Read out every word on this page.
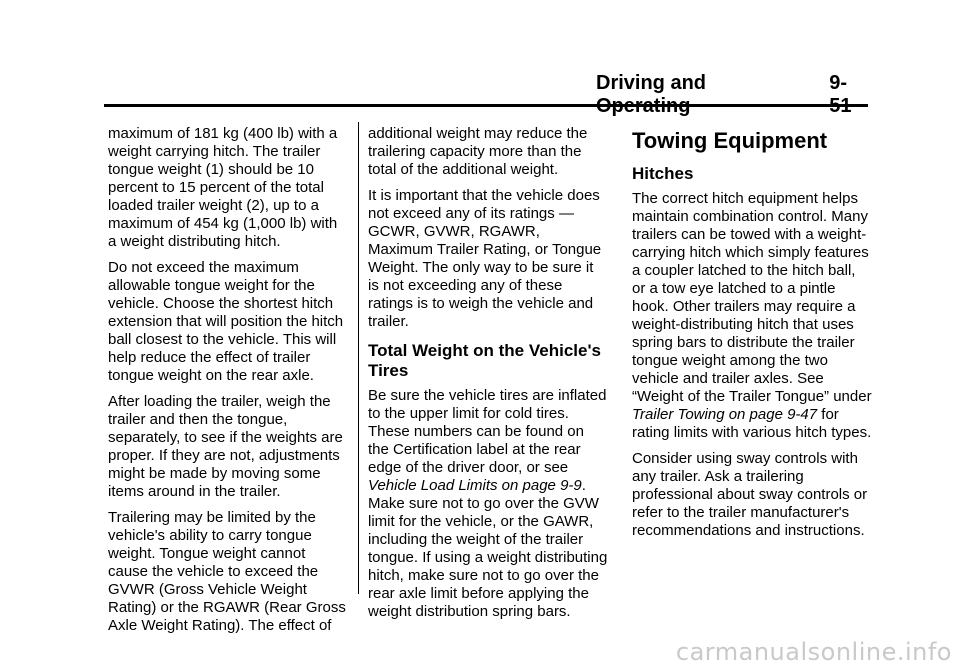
Driving and	9-

maximum of 181 kg (400 lb) with a weight carrying hitch. The trailer tongue weight (1) should be 10 percent to 15 percent of the total loaded trailer weight (2), up to a maximum of 454 kg (1,000 lb) with a weight distributing hitch.

Do not exceed the maximum allowable tongue weight for the vehicle. Choose the shortest hitch extension that will position the hitch ball closest to the vehicle. This will help reduce the effect of trailer tongue weight on the rear axle.

After loading the trailer, weigh the trailer and then the tongue, separately, to see if the weights are proper. If they are not, adjustments might be made by moving some items around in the trailer.

Trailering may be limited by the vehicle's ability to carry tongue weight. Tongue weight cannot cause the vehicle to exceed the GVWR (Gross Vehicle Weight Rating) or the RGAWR (Rear Gross Axle Weight Rating). The effect of

additional weight may reduce the trailering capacity more than the total of the additional weight.

It is important that the vehicle does not exceed any of its ratings — GCWR, GVWR, RGAWR, Maximum Trailer Rating, or Tongue Weight. The only way to be sure it is not exceeding any of these ratings is to weigh the vehicle and trailer.

Total Weight on the Vehicle's Tires

Be sure the vehicle tires are inflated to the upper limit for cold tires. These numbers can be found on the Certification label at the rear edge of the driver door, or see Vehicle Load Limits on page 9-9. Make sure not to go over the GVW limit for the vehicle, or the GAWR, including the weight of the trailer tongue. If using a weight distributing hitch, make sure not to go over the rear axle limit before applying the weight distribution spring bars.

Towing Equipment
Hitches

The correct hitch equipment helps maintain combination control. Many trailers can be towed with a weight-carrying hitch which simply features a coupler latched to the hitch ball, or a tow eye latched to a pintle hook. Other trailers may require a weight-distributing hitch that uses spring bars to distribute the trailer tongue weight among the two vehicle and trailer axles. See “Weight of the Trailer Tongue” under Trailer Towing on page 9-47 for rating limits with various hitch types.

Consider using sway controls with any trailer. Ask a trailering professional about sway controls or refer to the trailer manufacturer's recommendations and instructions.

carmanualsonline.info
